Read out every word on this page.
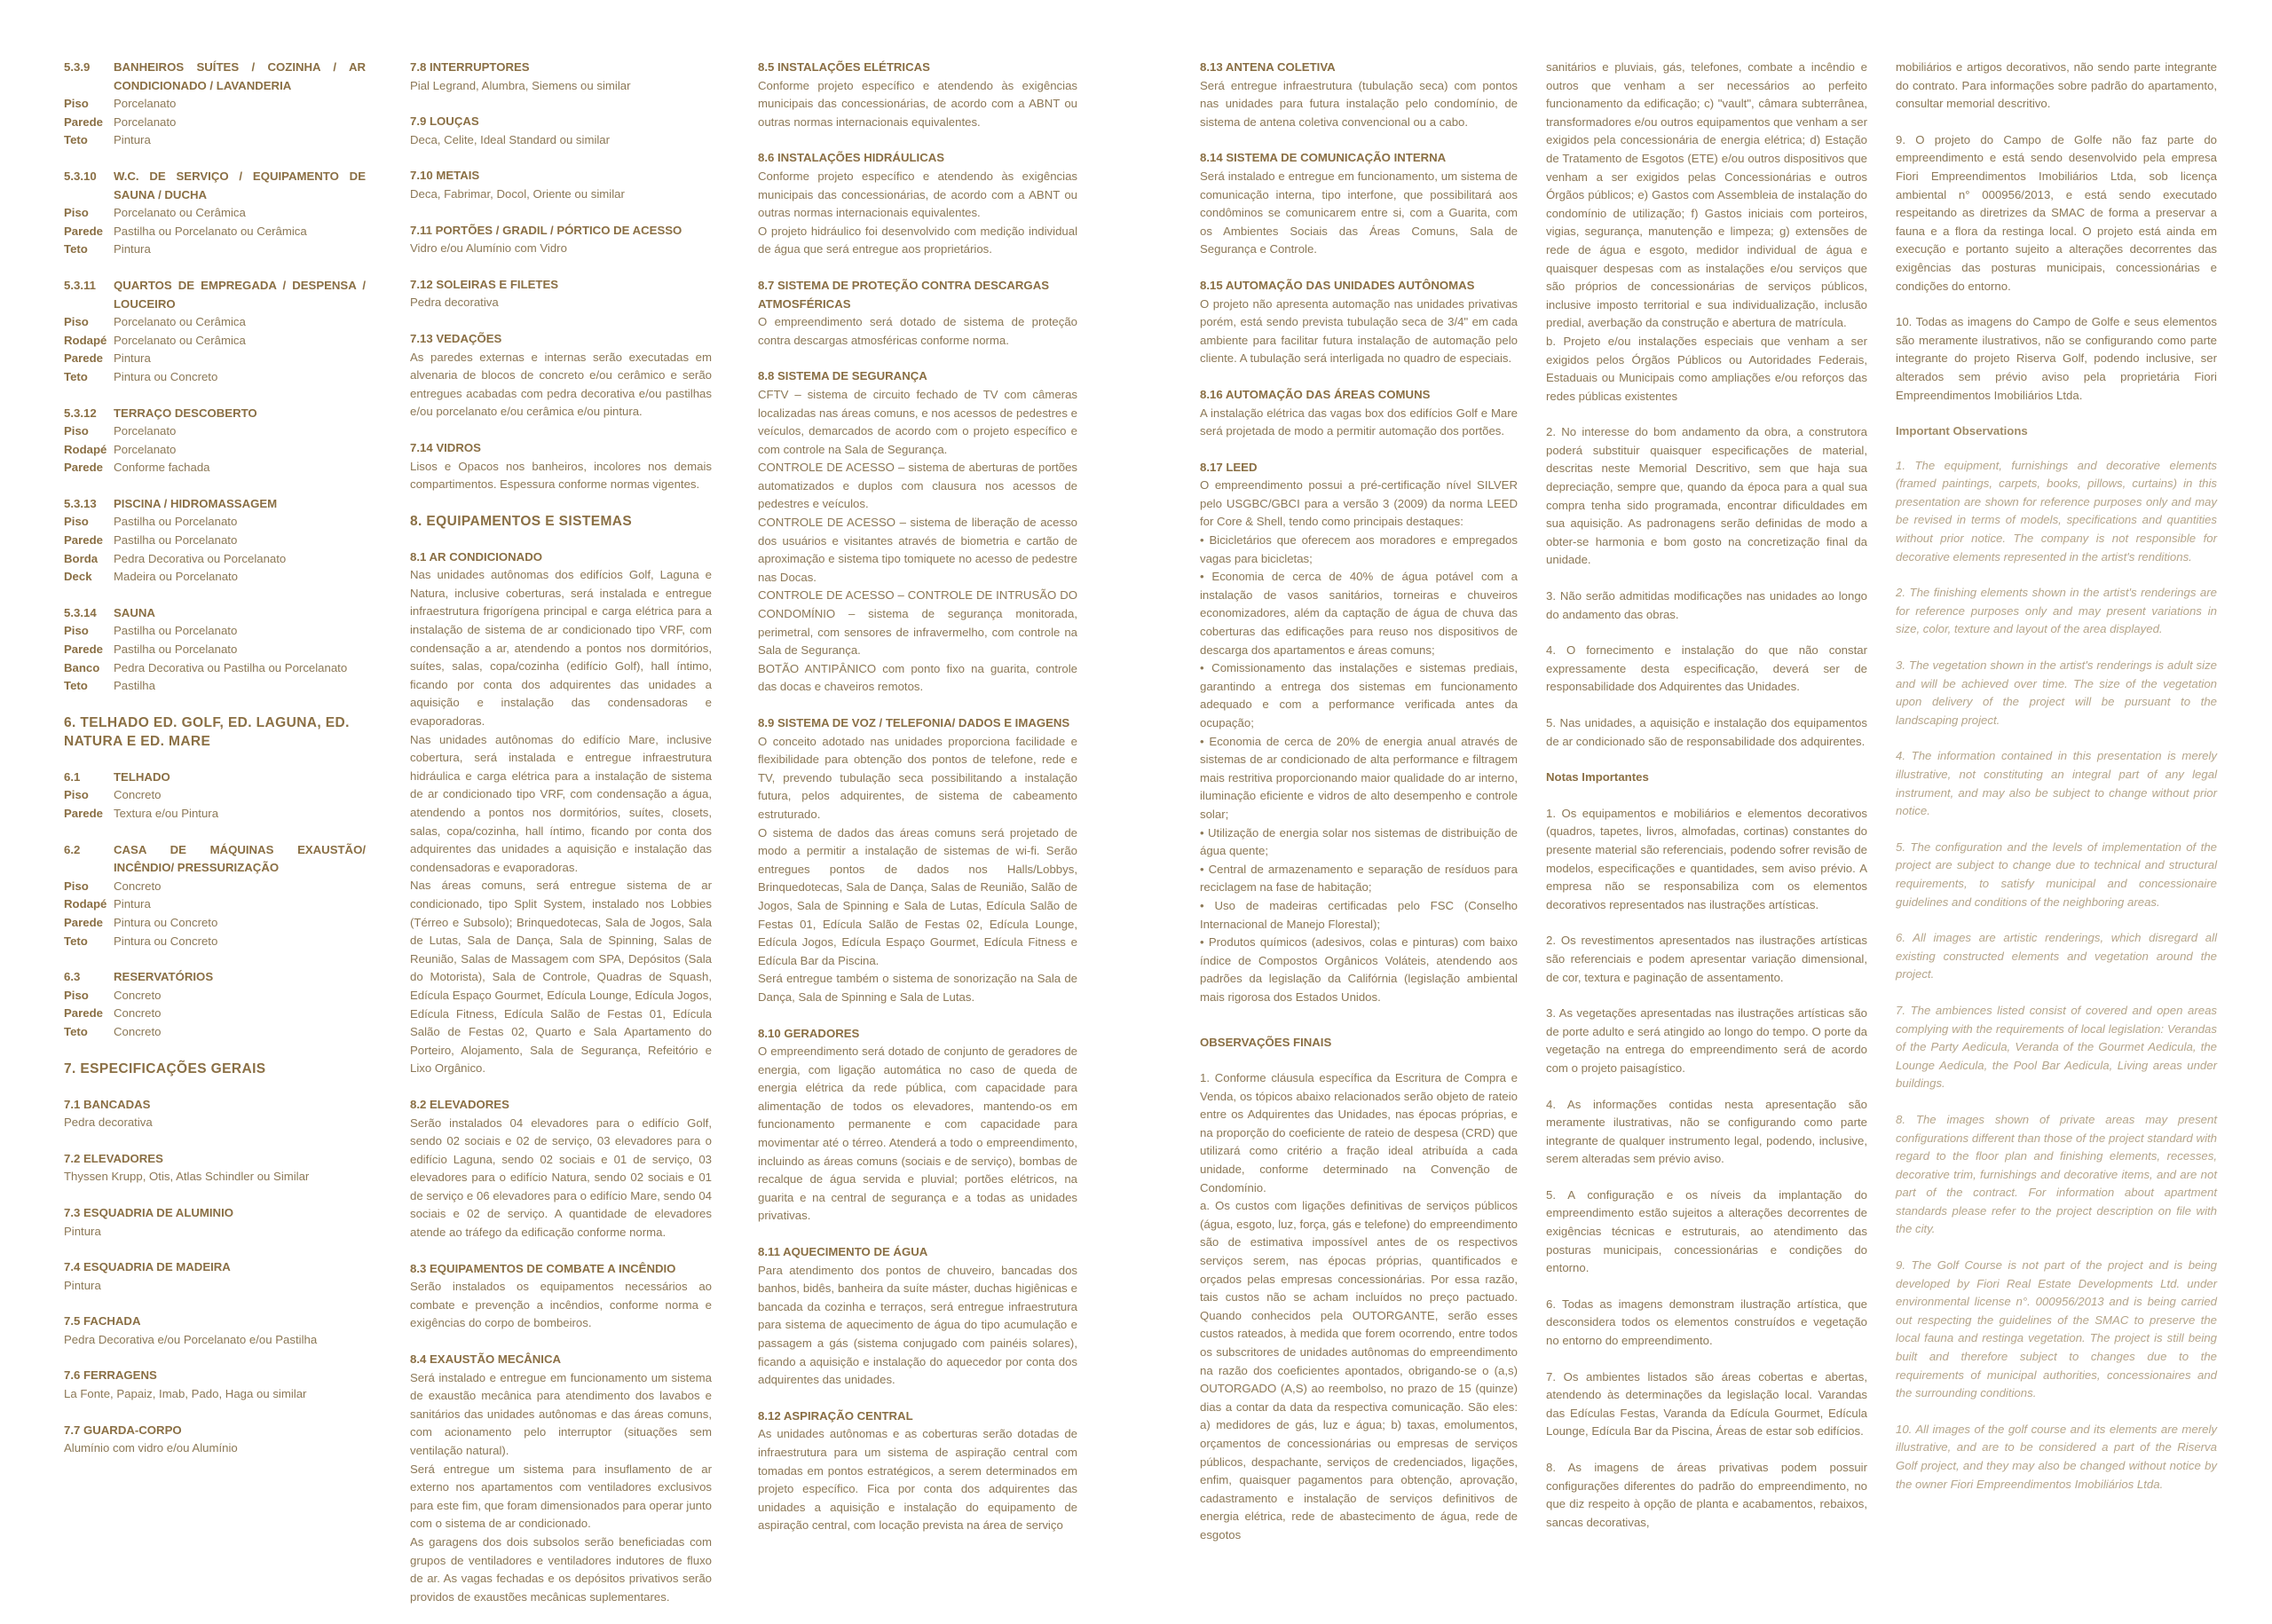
5.3.9	BANHEIROS SUÍTES / COZINHA / AR CONDICIONADO / LAVANDERIA
Piso	Porcelanato
Parede Porcelanato
Teto	Pintura
5.3.10	W.C. DE SERVIÇO / EQUIPAMENTO DE SAUNA / DUCHA
Piso	Porcelanato ou Cerâmica
Parede Pastilha ou Porcelanato ou Cerâmica
Teto	Pintura
5.3.11	QUARTOS DE EMPREGADA / DESPENSA / LOUCEIRO
Piso	Porcelanato ou Cerâmica
Rodapé Porcelanato ou Cerâmica
Parede Pintura
Teto	Pintura ou Concreto
5.3.12	TERRAÇO DESCOBERTO
Piso	Porcelanato
Rodapé Porcelanato
Parede Conforme fachada
5.3.13	PISCINA / HIDROMASSAGEM
Piso	Pastilha ou Porcelanato
Parede Pastilha ou Porcelanato
Borda	Pedra Decorativa ou Porcelanato
Deck	Madeira ou Porcelanato
5.3.14	SAUNA
Piso	Pastilha ou Porcelanato
Parede Pastilha ou Porcelanato
Banco	Pedra Decorativa ou Pastilha ou Porcelanato
Teto	Pastilha
6. TELHADO ED. GOLF, ED. LAGUNA, ED. NATURA E ED. MARE
6.1	TELHADO
Piso	Concreto
Parede Textura e/ou Pintura
6.2	CASA DE MÁQUINAS EXAUSTÃO/ INCÊNDIO/ PRESSURIZAÇÃO
Piso	Concreto
Rodapé Pintura
Parede Pintura ou Concreto
Teto	Pintura ou Concreto
6.3	RESERVATÓRIOS
Piso	Concreto
Parede Concreto
Teto	Concreto
7. ESPECIFICAÇÕES GERAIS
7.1 BANCADAS
Pedra decorativa
7.2 ELEVADORES
Thyssen Krupp, Otis, Atlas Schindler ou Similar
7.3 ESQUADRIA DE ALUMINIO
Pintura
7.4 ESQUADRIA DE MADEIRA
Pintura
7.5 FACHADA
Pedra Decorativa e/ou Porcelanato e/ou Pastilha
7.6 FERRAGENS
La Fonte, Papaiz, Imab, Pado, Haga ou similar
7.7 GUARDA-CORPO
Alumínio com vidro e/ou Alumínio
7.8 INTERRUPTORES
Pial Legrand, Alumbra, Siemens ou similar
7.9 LOUÇAS
Deca, Celite, Ideal Standard ou similar
7.10 METAIS
Deca, Fabrimar, Docol, Oriente ou similar
7.11 PORTÕES / GRADIL / PÓRTICO DE ACESSO
Vidro e/ou Alumínio com Vidro
7.12 SOLEIRAS E FILETES
Pedra decorativa
7.13 VEDAÇÕES
As paredes externas e internas serão executadas em alvenaria de blocos de concreto e/ou cerâmico e serão entregues acabadas com pedra decorativa e/ou pastilhas e/ou porcelanato e/ou cerâmica e/ou pintura.
7.14 VIDROS
Lisos e Opacos nos banheiros, incolores nos demais compartimentos. Espessura conforme normas vigentes.
8. EQUIPAMENTOS E SISTEMAS
8.1 AR CONDICIONADO
Nas unidades autônomas dos edifícios Golf, Laguna e Natura, inclusive coberturas, será instalada e entregue infraestrutura frigorígena principal e carga elétrica para a instalação de sistema de ar condicionado tipo VRF, com condensação a ar, atendendo a pontos nos dormitórios, suítes, salas, copa/cozinha (edifício Golf), hall íntimo, ficando por conta dos adquirentes das unidades a aquisição e instalação das condensadoras e evaporadoras.
Nas unidades autônomas do edifício Mare, inclusive cobertura, será instalada e entregue infraestrutura hidráulica e carga elétrica para a instalação de sistema de ar condicionado tipo VRF, com condensação a água, atendendo a pontos nos dormitórios, suítes, closets, salas, copa/cozinha, hall íntimo, ficando por conta dos adquirentes das unidades a aquisição e instalação das condensadoras e evaporadoras.
Nas áreas comuns, será entregue sistema de ar condicionado, tipo Split System, instalado nos Lobbies (Térreo e Subsolo); Brinquedotecas, Sala de Jogos, Sala de Lutas, Sala de Dança, Sala de Spinning, Salas de Reunião, Salas de Massagem com SPA, Depósitos (Sala do Motorista), Sala de Controle, Quadras de Squash, Edícula Espaço Gourmet, Edícula Lounge, Edícula Jogos, Edícula Fitness, Edícula Salão de Festas 01, Edícula Salão de Festas 02, Quarto e Sala Apartamento do Porteiro, Alojamento, Sala de Segurança, Refeitório e Lixo Orgânico.
8.2 ELEVADORES
Serão instalados 04 elevadores para o edifício Golf, sendo 02 sociais e 02 de serviço, 03 elevadores para o edifício Laguna, sendo 02 sociais e 01 de serviço, 03 elevadores para o edifício Natura, sendo 02 sociais e 01 de serviço e 06 elevadores para o edifício Mare, sendo 04 sociais e 02 de serviço. A quantidade de elevadores atende ao tráfego da edificação conforme norma.
8.3 EQUIPAMENTOS DE COMBATE A INCÊNDIO
Serão instalados os equipamentos necessários ao combate e prevenção a incêndios, conforme norma e exigências do corpo de bombeiros.
8.4 EXAUSTÃO MECÂNICA
Será instalado e entregue em funcionamento um sistema de exaustão mecânica para atendimento dos lavabos e sanitários das unidades autônomas e das áreas comuns, com acionamento pelo interruptor (situações sem ventilação natural).
Será entregue um sistema para insuflamento de ar externo nos apartamentos com ventiladores exclusivos para este fim, que foram dimensionados para operar junto com o sistema de ar condicionado.
As garagens dos dois subsolos serão beneficiadas com grupos de ventiladores e ventiladores indutores de fluxo de ar. As vagas fechadas e os depósitos privativos serão providos de exaustões mecânicas suplementares.
8.5 INSTALAÇÕES ELÉTRICAS
Conforme projeto específico e atendendo às exigências municipais das concessionárias, de acordo com a ABNT ou outras normas internacionais equivalentes.
8.6 INSTALAÇÕES HIDRÁULICAS
Conforme projeto específico e atendendo às exigências municipais das concessionárias, de acordo com a ABNT ou outras normas internacionais equivalentes.
O projeto hidráulico foi desenvolvido com medição individual de água que será entregue aos proprietários.
8.7 SISTEMA DE PROTEÇÃO CONTRA DESCARGAS ATMOSFÉRICAS
O empreendimento será dotado de sistema de proteção contra descargas atmosféricas conforme norma.
8.8 SISTEMA DE SEGURANÇA
CFTV – sistema de circuito fechado de TV com câmeras localizadas nas áreas comuns, e nos acessos de pedestres e veículos, demarcados de acordo com o projeto específico e com controle na Sala de Segurança.
CONTROLE DE ACESSO – sistema de aberturas de portões automatizados e duplos com clausura nos acessos de pedestres e veículos.
CONTROLE DE ACESSO – sistema de liberação de acesso dos usuários e visitantes através de biometria e cartão de aproximação e sistema tipo tomiquete no acesso de pedestre nas Docas.
CONTROLE DE ACESSO – CONTROLE DE INTRUSÃO DO CONDOMÍNIO – sistema de segurança monitorada, perimetral, com sensores de infravermelho, com controle na Sala de Segurança.
BOTÃO ANTIPÂNICO com ponto fixo na guarita, controle das docas e chaveiros remotos.
8.9 SISTEMA DE VOZ / TELEFONIA/ DADOS E IMAGENS
O conceito adotado nas unidades proporciona facilidade e flexibilidade para obtenção dos pontos de telefone, rede e TV, prevendo tubulação seca possibilitando a instalação futura, pelos adquirentes, de sistema de cabeamento estruturado.
O sistema de dados das áreas comuns será projetado de modo a permitir a instalação de sistemas de wi-fi. Serão entregues pontos de dados nos Halls/Lobbys, Brinquedotecas, Sala de Dança, Salas de Reunião, Salão de Jogos, Sala de Spinning e Sala de Lutas, Edícula Salão de Festas 01, Edícula Salão de Festas 02, Edícula Lounge, Edícula Jogos, Edícula Espaço Gourmet, Edícula Fitness e Edícula Bar da Piscina.
Será entregue também o sistema de sonorização na Sala de Dança, Sala de Spinning e Sala de Lutas.
8.10 GERADORES
O empreendimento será dotado de conjunto de geradores de energia, com ligação automática no caso de queda de energia elétrica da rede pública, com capacidade para alimentação de todos os elevadores, mantendo-os em funcionamento permanente e com capacidade para movimentar até o térreo. Atenderá a todo o empreendimento, incluindo as áreas comuns (sociais e de serviço), bombas de recalque de água servida e pluvial; portões elétricos, na guarita e na central de segurança e a todas as unidades privativas.
8.11 AQUECIMENTO DE ÁGUA
Para atendimento dos pontos de chuveiro, bancadas dos banhos, bidês, banheira da suíte máster, duchas higiênicas e bancada da cozinha e terraços, será entregue infraestrutura para sistema de aquecimento de água do tipo acumulação e passagem a gás (sistema conjugado com painéis solares), ficando a aquisição e instalação do aquecedor por conta dos adquirentes das unidades.
8.12 ASPIRAÇÃO CENTRAL
As unidades autônomas e as coberturas serão dotadas de infraestrutura para um sistema de aspiração central com tomadas em pontos estratégicos, a serem determinados em projeto específico. Fica por conta dos adquirentes das unidades a aquisição e instalação do equipamento de aspiração central, com locação prevista na área de serviço
8.13 ANTENA COLETIVA
Será entregue infraestrutura (tubulação seca) com pontos nas unidades para futura instalação pelo condomínio, de sistema de antena coletiva convencional ou a cabo.
8.14 SISTEMA DE COMUNICAÇÃO INTERNA
Será instalado e entregue em funcionamento, um sistema de comunicação interna, tipo interfone, que possibilitará aos condôminos se comunicarem entre si, com a Guarita, com os Ambientes Sociais das Áreas Comuns, Sala de Segurança e Controle.
8.15 AUTOMAÇÃO DAS UNIDADES AUTÔNOMAS
O projeto não apresenta automação nas unidades privativas porém, está sendo prevista tubulação seca de 3/4" em cada ambiente para facilitar futura instalação de automação pelo cliente. A tubulação será interligada no quadro de especiais.
8.16 AUTOMAÇÃO DAS ÁREAS COMUNS
A instalação elétrica das vagas box dos edifícios Golf e Mare será projetada de modo a permitir automação dos portões.
8.17 LEED
O empreendimento possui a pré-certificação nível SILVER pelo USGBC/GBCI para a versão 3 (2009) da norma LEED for Core & Shell, tendo como principais destaques:
• Bicicletários que oferecem aos moradores e empregados vagas para bicicletas;
• Economia de cerca de 40% de água potável com a instalação de vasos sanitários, torneiras e chuveiros economizadores, além da captação de água de chuva das coberturas das edificações para reuso nos dispositivos de descarga dos apartamentos e áreas comuns;
• Comissionamento das instalações e sistemas prediais, garantindo a entrega dos sistemas em funcionamento adequado e com a performance verificada antes da ocupação;
• Economia de cerca de 20% de energia anual através de sistemas de ar condicionado de alta performance e filtragem mais restritiva proporcionando maior qualidade do ar interno, iluminação eficiente e vidros de alto desempenho e controle solar;
• Utilização de energia solar nos sistemas de distribuição de água quente;
• Central de armazenamento e separação de resíduos para reciclagem na fase de habitação;
• Uso de madeiras certificadas pelo FSC (Conselho Internacional de Manejo Florestal);
• Produtos químicos (adesivos, colas e pinturas) com baixo índice de Compostos Orgânicos Voláteis, atendendo aos padrões da legislação da Califórnia (legislação ambiental mais rigorosa dos Estados Unidos.
OBSERVAÇÕES FINAIS
1. Conforme cláusula específica da Escritura de Compra e Venda, os tópicos abaixo relacionados serão objeto de rateio entre os Adquirentes das Unidades, nas épocas próprias, e na proporção do coeficiente de rateio de despesa (CRD) que utilizará como critério a fração ideal atribuída a cada unidade, conforme determinado na Convenção de Condomínio.
a. Os custos com ligações definitivas de serviços públicos (água, esgoto, luz, força, gás e telefone) do empreendimento são de estimativa impossível antes de os respectivos serviços serem, nas épocas próprias, quantificados e orçados pelas empresas concessionárias. Por essa razão, tais custos não se acham incluídos no preço pactuado. Quando conhecidos pela OUTORGANTE, serão esses custos rateados, à medida que forem ocorrendo, entre todos os subscritores de unidades autônomas do empreendimento na razão dos coeficientes apontados, obrigando-se o (a,s) OUTORGADO (A,S) ao reembolso, no prazo de 15 (quinze) dias a contar da data da respectiva comunicação. São eles: a) medidores de gás, luz e água; b) taxas, emolumentos, orçamentos de concessionárias ou empresas de serviços públicos, despachante, serviços de credenciados, ligações, enfim, quaisquer pagamentos para obtenção, aprovação, cadastramento e instalação de serviços definitivos de energia elétrica, rede de abastecimento de água, rede de esgotos
sanitários e pluviais, gás, telefones, combate a incêndio e outros que venham a ser necessários ao perfeito funcionamento da edificação; c) "vault", câmara subterrânea, transformadores e/ou outros equipamentos que venham a ser exigidos pela concessionária de energia elétrica; d) Estação de Tratamento de Esgotos (ETE) e/ou outros dispositivos que venham a ser exigidos pelas Concessionárias e outros Órgãos públicos; e) Gastos com Assembleia de instalação do condomínio de utilização; f) Gastos iniciais com porteiros, vigias, segurança, manutenção e limpeza; g) extensões de rede de água e esgoto, medidor individual de água e quaisquer despesas com as instalações e/ou serviços que são próprios de concessionárias de serviços públicos, inclusive imposto territorial e sua individualização, inclusão predial, averbação da construção e abertura de matrícula.
b. Projeto e/ou instalações especiais que venham a ser exigidos pelos Órgãos Públicos ou Autoridades Federais, Estaduais ou Municipais como ampliações e/ou reforços das redes públicas existentes
2. No interesse do bom andamento da obra, a construtora poderá substituir quaisquer especificações de material, descritas neste Memorial Descritivo, sem que haja sua depreciação, sempre que, quando da época para a qual sua compra tenha sido programada, encontrar dificuldades em sua aquisição. As padronagens serão definidas de modo a obter-se harmonia e bom gosto na concretização final da unidade.
3. Não serão admitidas modificações nas unidades ao longo do andamento das obras.
4. O fornecimento e instalação do que não constar expressamente desta especificação, deverá ser de responsabilidade dos Adquirentes das Unidades.
5. Nas unidades, a aquisição e instalação dos equipamentos de ar condicionado são de responsabilidade dos adquirentes.
Notas Importantes
1. Os equipamentos e mobiliários e elementos decorativos (quadros, tapetes, livros, almofadas, cortinas) constantes do presente material são referenciais, podendo sofrer revisão de modelos, especificações e quantidades, sem aviso prévio. A empresa não se responsabiliza com os elementos decorativos representados nas ilustrações artísticas.
2. Os revestimentos apresentados nas ilustrações artísticas são referenciais e podem apresentar variação dimensional, de cor, textura e paginação de assentamento.
3. As vegetações apresentadas nas ilustrações artísticas são de porte adulto e será atingido ao longo do tempo. O porte da vegetação na entrega do empreendimento será de acordo com o projeto paisagístico.
4. As informações contidas nesta apresentação são meramente ilustrativas, não se configurando como parte integrante de qualquer instrumento legal, podendo, inclusive, serem alteradas sem prévio aviso.
5. A configuração e os níveis da implantação do empreendimento estão sujeitos a alterações decorrentes de exigências técnicas e estruturais, ao atendimento das posturas municipais, concessionárias e condições do entorno.
6. Todas as imagens demonstram ilustração artística, que desconsidera todos os elementos construídos e vegetação no entorno do empreendimento.
7. Os ambientes listados são áreas cobertas e abertas, atendendo às determinações da legislação local. Varandas das Edículas Festas, Varanda da Edícula Gourmet, Edícula Lounge, Edícula Bar da Piscina, Áreas de estar sob edifícios.
8. As imagens de áreas privativas podem possuir configurações diferentes do padrão do empreendimento, no que diz respeito à opção de planta e acabamentos, rebaixos, sancas decorativas,
mobiliários e artigos decorativos, não sendo parte integrante do contrato. Para informações sobre padrão do apartamento, consultar memorial descritivo.
9. O projeto do Campo de Golfe não faz parte do empreendimento e está sendo desenvolvido pela empresa Fiori Empreendimentos Imobiliários Ltda, sob licença ambiental n° 000956/2013, e está sendo executado respeitando as diretrizes da SMAC de forma a preservar a fauna e a flora da restinga local. O projeto está ainda em execução e portanto sujeito a alterações decorrentes das exigências das posturas municipais, concessionárias e condições do entorno.
10. Todas as imagens do Campo de Golfe e seus elementos são meramente ilustrativos, não se configurando como parte integrante do projeto Riserva Golf, podendo inclusive, ser alterados sem prévio aviso pela proprietária Fiori Empreendimentos Imobiliários Ltda.
Important Observations
1. The equipment, furnishings and decorative elements (framed paintings, carpets, books, pillows, curtains) in this presentation are shown for reference purposes only and may be revised in terms of models, specifications and quantities without prior notice. The company is not responsible for decorative elements represented in the artist's renditions.
2. The finishing elements shown in the artist's renderings are for reference purposes only and may present variations in size, color, texture and layout of the area displayed.
3. The vegetation shown in the artist's renderings is adult size and will be achieved over time. The size of the vegetation upon delivery of the project will be pursuant to the landscaping project.
4. The information contained in this presentation is merely illustrative, not constituting an integral part of any legal instrument, and may also be subject to change without prior notice.
5. The configuration and the levels of implementation of the project are subject to change due to technical and structural requirements, to satisfy municipal and concessionaire guidelines and conditions of the neighboring areas.
6. All images are artistic renderings, which disregard all existing constructed elements and vegetation around the project.
7. The ambiences listed consist of covered and open areas complying with the requirements of local legislation: Verandas of the Party Aedicula, Veranda of the Gourmet Aedicula, the Lounge Aedicula, the Pool Bar Aedicula, Living areas under buildings.
8. The images shown of private areas may present configurations different than those of the project standard with regard to the floor plan and finishing elements, recesses, decorative trim, furnishings and decorative items, and are not part of the contract. For information about apartment standards please refer to the project description on file with the city.
9. The Golf Course is not part of the project and is being developed by Fiori Real Estate Developments Ltd. under environmental license n°. 000956/2013 and is being carried out respecting the guidelines of the SMAC to preserve the local fauna and restinga vegetation. The project is still being built and therefore subject to changes due to the requirements of municipal authorities, concessionaires and the surrounding conditions.
10. All images of the golf course and its elements are merely illustrative, and are to be considered a part of the Riserva Golf project, and they may also be changed without notice by the owner Fiori Empreendimentos Imobiliários Ltda.
